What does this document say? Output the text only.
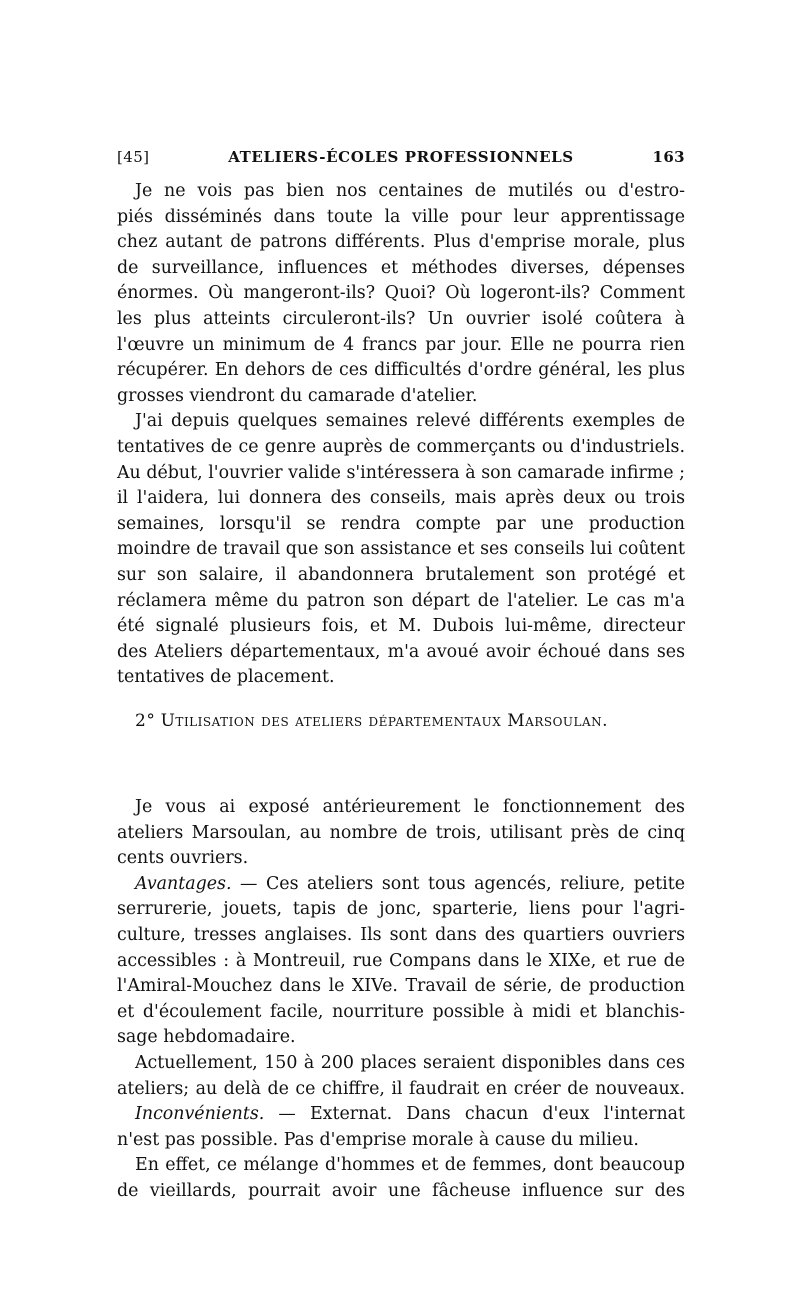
[45]	ATELIERS-ÉCOLES PROFESSIONNELS	163
Je ne vois pas bien nos centaines de mutilés ou d'estro-
piés disséminés dans toute la ville pour leur apprentissage
chez autant de patrons différents. Plus d'emprise morale, plus
de surveillance, influences et méthodes diverses, dépenses
énormes. Où mangeront-ils? Quoi? Où logeront-ils? Comment
les plus atteints circuleront-ils? Un ouvrier isolé coûtera à
l'œuvre un minimum de 4 francs par jour. Elle ne pourra rien
récupérer. En dehors de ces difficultés d'ordre général, les plus
grosses viendront du camarade d'atelier.
J'ai depuis quelques semaines relevé différents exemples de
tentatives de ce genre auprès de commerçants ou d'industriels.
Au début, l'ouvrier valide s'intéressera à son camarade infirme ;
il l'aidera, lui donnera des conseils, mais après deux ou trois
semaines, lorsqu'il se rendra compte par une production
moindre de travail que son assistance et ses conseils lui coûtent
sur son salaire, il abandonnera brutalement son protégé et
réclamera même du patron son départ de l'atelier. Le cas m'a
été signalé plusieurs fois, et M. Dubois lui-même, directeur
des Ateliers départementaux, m'a avoué avoir échoué dans ses
tentatives de placement.
2° Utilisation des ateliers départementaux Marsoulan.
Je vous ai exposé antérieurement le fonctionnement des
ateliers Marsoulan, au nombre de trois, utilisant près de cinq
cents ouvriers.
Avantages. — Ces ateliers sont tous agencés, reliure, petite
serrurerie, jouets, tapis de jonc, sparterie, liens pour l'agri-
culture, tresses anglaises. Ils sont dans des quartiers ouvriers
accessibles : à Montreuil, rue Compans dans le XIXe, et rue de
l'Amiral-Mouchez dans le XIVe. Travail de série, de production
et d'écoulement facile, nourriture possible à midi et blanchis-
sage hebdomadaire.
Actuellement, 150 à 200 places seraient disponibles dans ces
ateliers; au delà de ce chiffre, il faudrait en créer de nouveaux.
Inconvénients. — Externat. Dans chacun d'eux l'internat
n'est pas possible. Pas d'emprise morale à cause du milieu.
En effet, ce mélange d'hommes et de femmes, dont beaucoup
de vieillards, pourrait avoir une fâcheuse influence sur des
